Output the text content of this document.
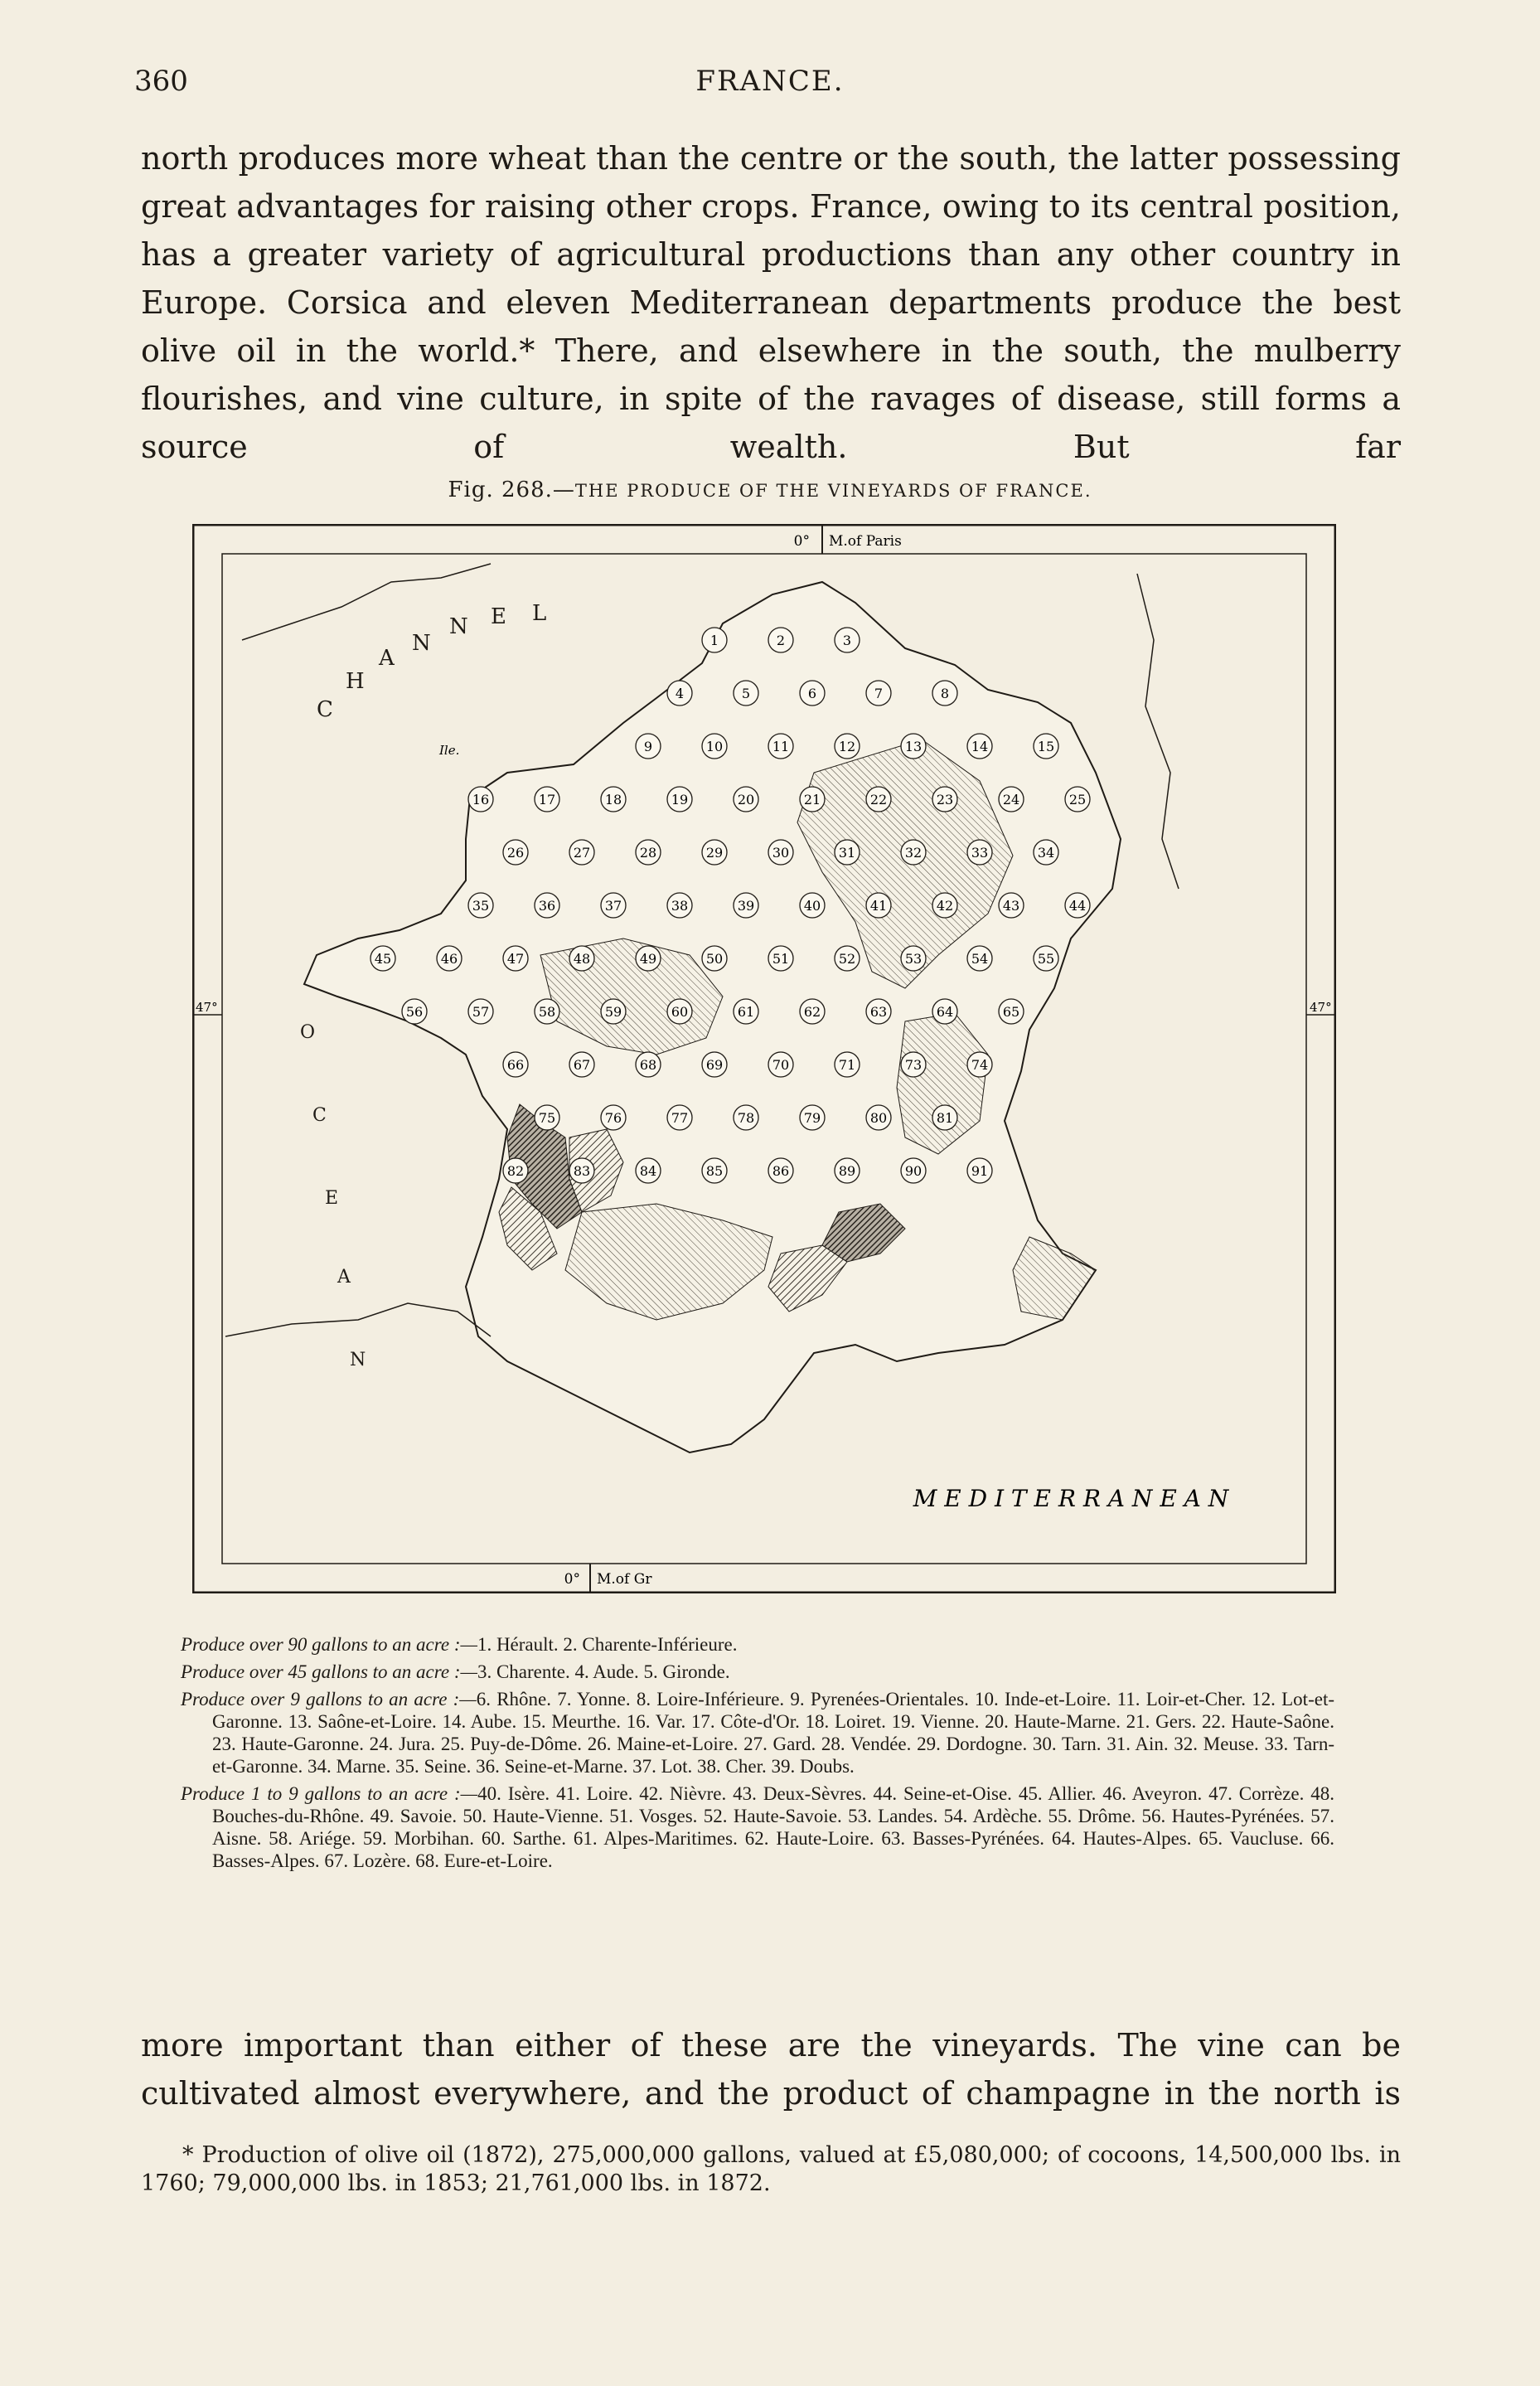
360	FRANCE.

north produces more wheat than the centre or the south, the latter possessing great advantages for raising other crops. France, owing to its central position, has a greater variety of agricultural productions than any other country in Europe. Corsica and eleven Mediterranean departments produce the best olive oil in the world.* There, and elsewhere in the south, the mulberry flourishes, and vine culture, in spite of the ravages of disease, still forms a source of wealth. But far

Fig. 268.—THE PRODUCE OF THE VINEYARDS OF FRANCE.
0° M.of Paris
0° M.of Gr
47°	47°
C
H
A
N
N E L
O
C
E
A
N
M E D I T E R R A N E A N
Ile.
1	2	3
4	5	6	7	8
9	10	11	12	13	14	15
16	17	18	19	20	21	22	23	24	25
26	27	28	29	30	31	32	33	34
35	36	37	38	39	40	41	42	43	44
45	46	47	48	49	50	51	52	53	54	55
56	57	58	59	60	61	62	63	64	65
66	67	68	69	70	71	73	74
75	76	77	78	79	80	81
82	83	84	85	86	89	90	91

Produce over 90 gallons to an acre :—1. Hérault. 2. Charente-Inférieure.

Produce over 45 gallons to an acre :—3. Charente. 4. Aude. 5. Gironde.

Produce over 9 gallons to an acre :—6. Rhône. 7. Yonne. 8. Loire-Inférieure. 9. Pyrenées-Orientales. 10. Inde-et-Loire. 11. Loir-et-Cher. 12. Lot-et-Garonne. 13. Saône-et-Loire. 14. Aube. 15. Meurthe. 16. Var. 17. Côte-d'Or. 18. Loiret. 19. Vienne. 20. Haute-Marne. 21. Gers. 22. Haute-Saône. 23. Haute-Garonne. 24. Jura. 25. Puy-de-Dôme. 26. Maine-et-Loire. 27. Gard. 28. Vendée. 29. Dordogne. 30. Tarn. 31. Ain. 32. Meuse. 33. Tarn-et-Garonne. 34. Marne. 35. Seine. 36. Seine-et-Marne. 37. Lot. 38. Cher. 39. Doubs.

Produce 1 to 9 gallons to an acre :—40. Isère. 41. Loire. 42. Nièvre. 43. Deux-Sèvres. 44. Seine-et-Oise. 45. Allier. 46. Aveyron. 47. Corrèze. 48. Bouches-du-Rhône. 49. Savoie. 50. Haute-Vienne. 51. Vosges. 52. Haute-Savoie. 53. Landes. 54. Ardèche. 55. Drôme. 56. Hautes-Pyrénées. 57. Aisne. 58. Ariége. 59. Morbihan. 60. Sarthe. 61. Alpes-Maritimes. 62. Haute-Loire. 63. Basses-Pyrénées. 64. Hautes-Alpes. 65. Vaucluse. 66. Basses-Alpes. 67. Lozère. 68. Eure-et-Loire.

more important than either of these are the vineyards. The vine can be cultivated almost everywhere, and the product of champagne in the north is

* Production of olive oil (1872), 275,000,000 gallons, valued at £5,080,000; of cocoons, 14,500,000 lbs. in 1760; 79,000,000 lbs. in 1853; 21,761,000 lbs. in 1872.
